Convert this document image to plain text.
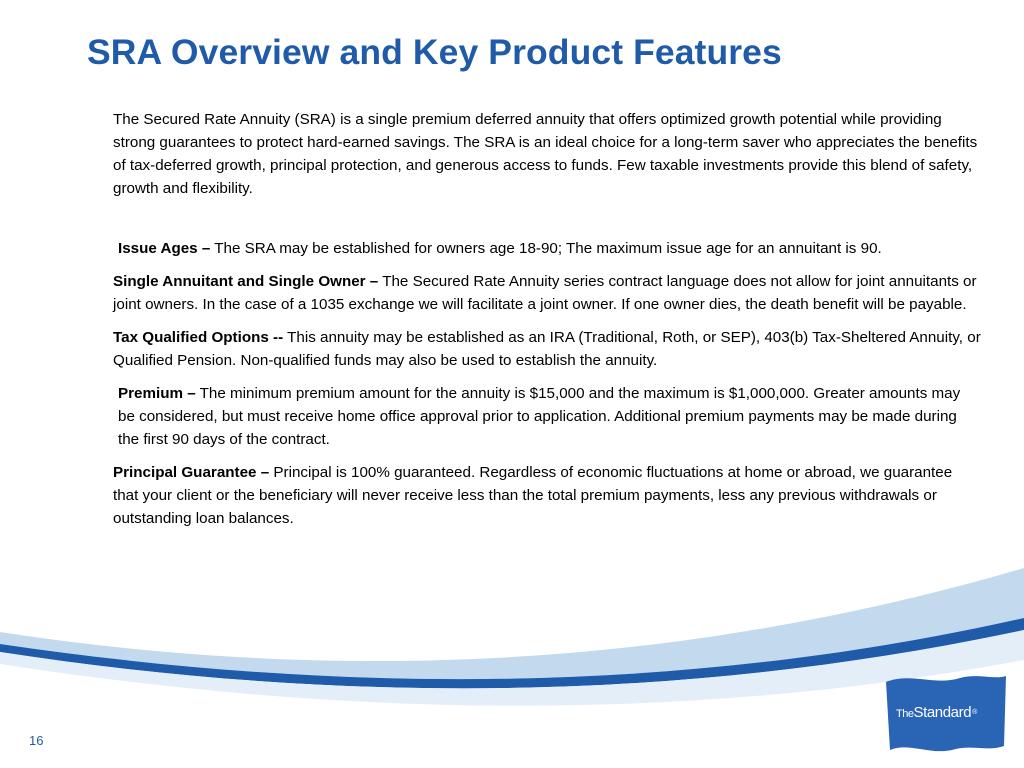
SRA Overview and Key Product Features

The Secured Rate Annuity (SRA) is a single premium deferred annuity that offers optimized growth potential while providing strong guarantees to protect hard-earned savings. The SRA is an ideal choice for a long-term saver who appreciates the benefits of tax-deferred growth, principal protection, and generous access to funds. Few taxable investments provide this blend of safety, growth and flexibility.

Issue Ages – The SRA may be established for owners age 18-90; The maximum issue age for an annuitant is 90.

Single Annuitant and Single Owner – The Secured Rate Annuity series contract language does not allow for joint annuitants or joint owners. In the case of a 1035 exchange we will facilitate a joint owner. If one owner dies, the death benefit will be payable.

Tax Qualified Options -- This annuity may be established as an IRA (Traditional, Roth, or SEP), 403(b) Tax-Sheltered Annuity, or Qualified Pension. Non-qualified funds may also be used to establish the annuity.

Premium – The minimum premium amount for the annuity is $15,000 and the maximum is $1,000,000. Greater amounts may be considered, but must receive home office approval prior to application. Additional premium payments may be made during the first 90 days of the contract.

Principal Guarantee – Principal is 100% guaranteed. Regardless of economic fluctuations at home or abroad, we guarantee that your client or the beneficiary will never receive less than the total premium payments, less any previous withdrawals or outstanding loan balances.

16
TheStandard®
